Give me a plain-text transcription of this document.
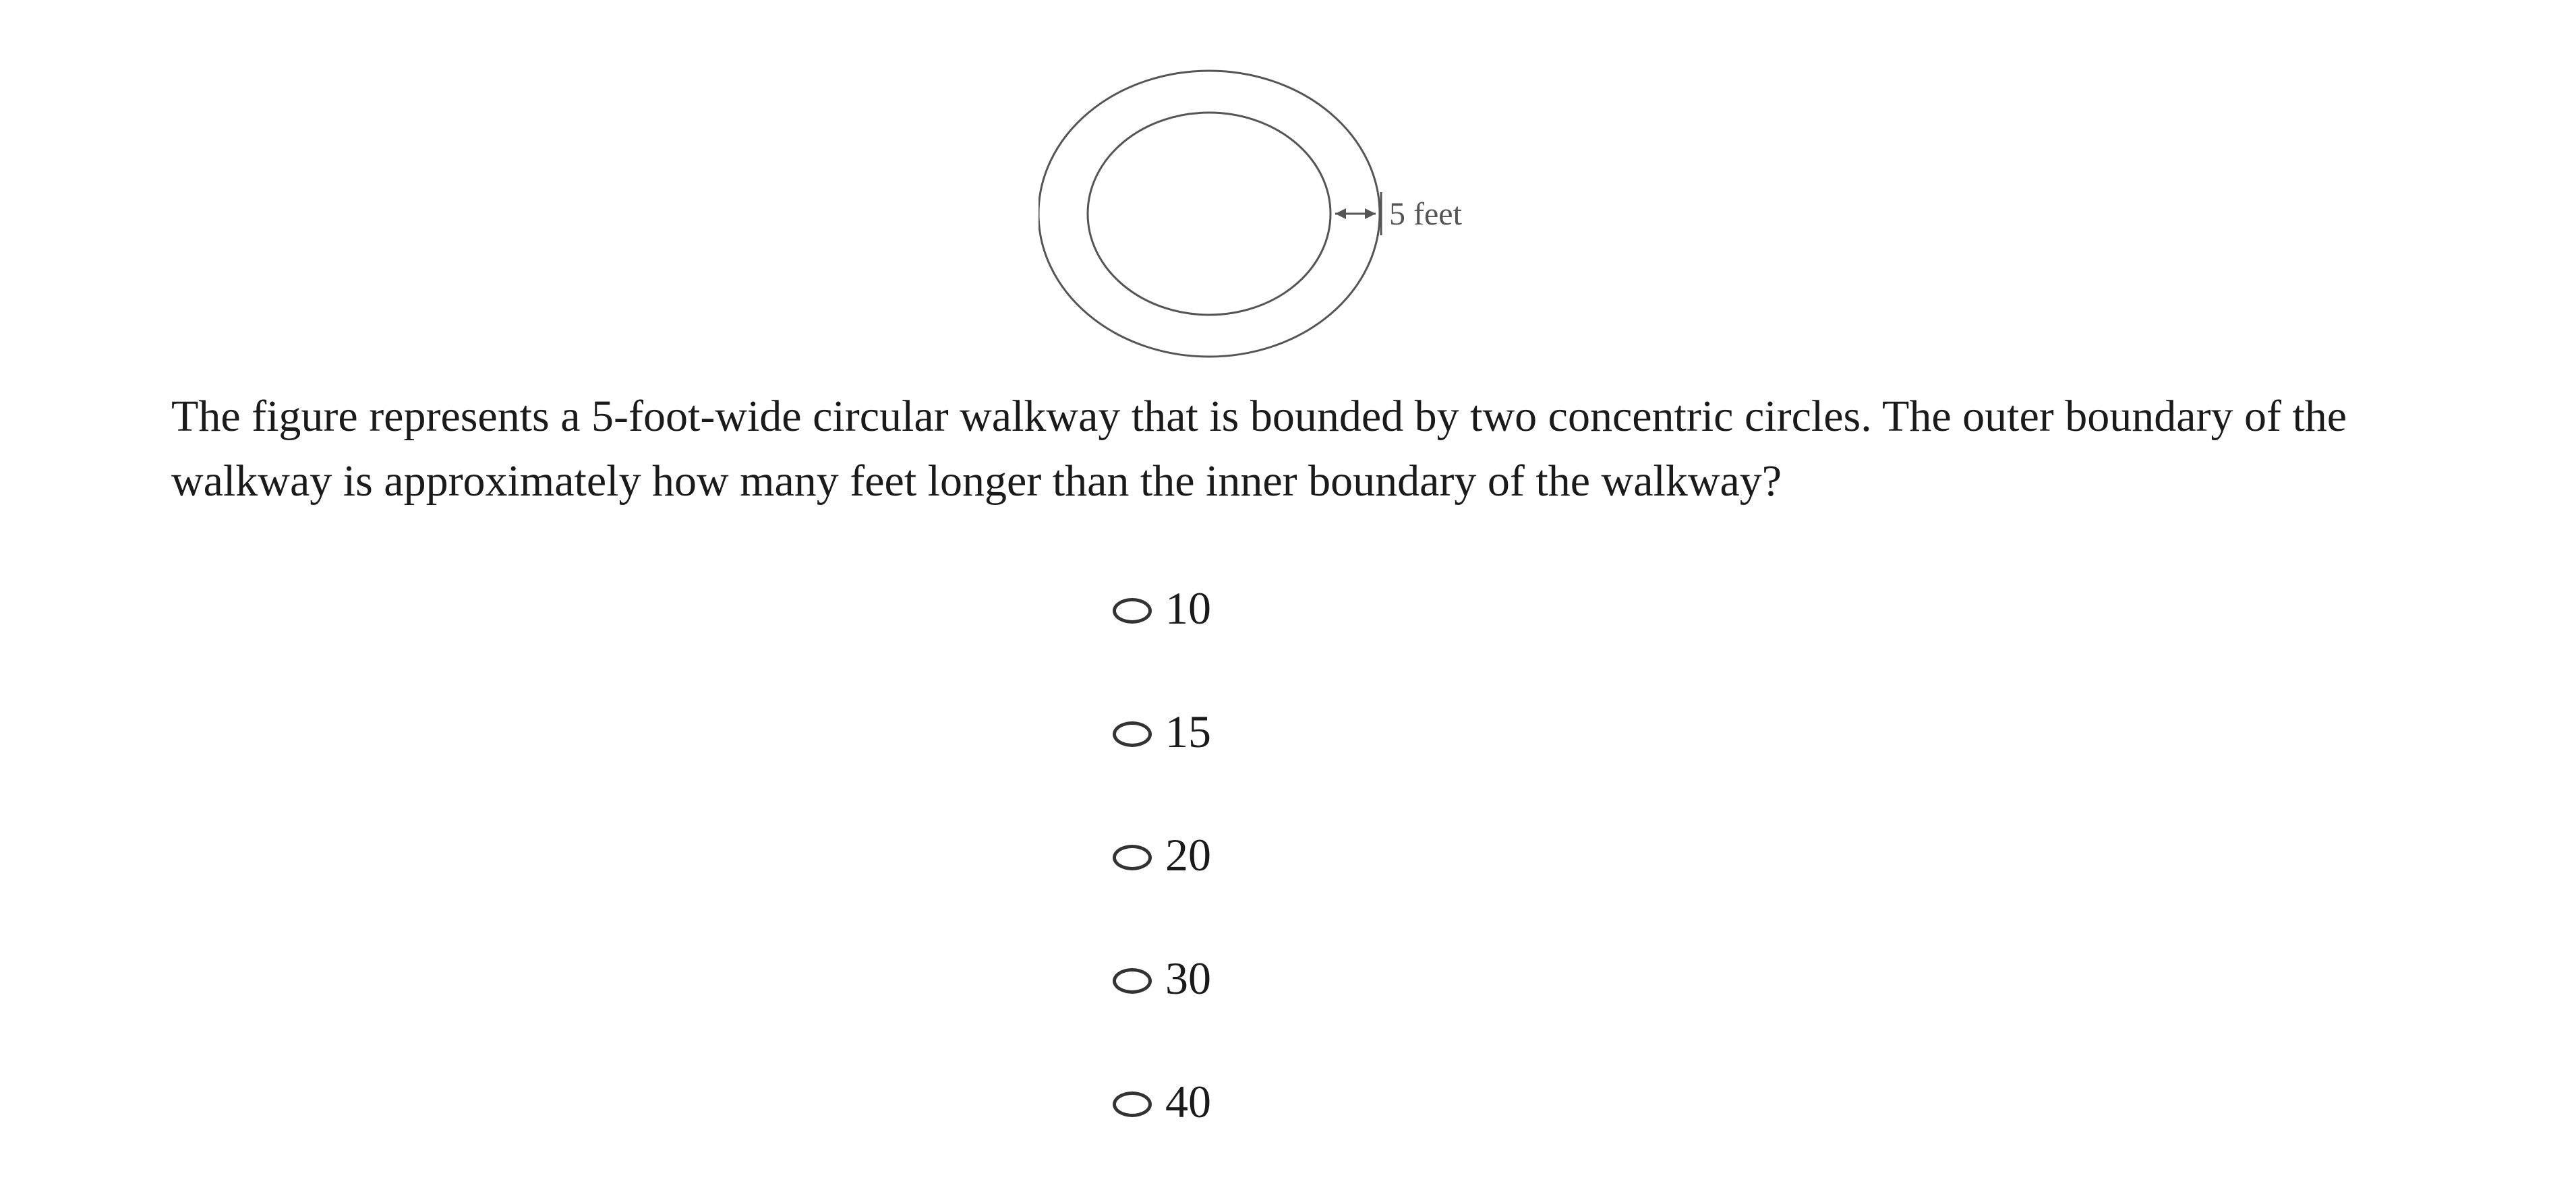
5 feet

The figure represents a 5-foot-wide circular walkway that is bounded by two concentric circles. The outer boundary of the walkway is approximately how many feet longer than the inner boundary of the walkway?

10
15
20
30
40
